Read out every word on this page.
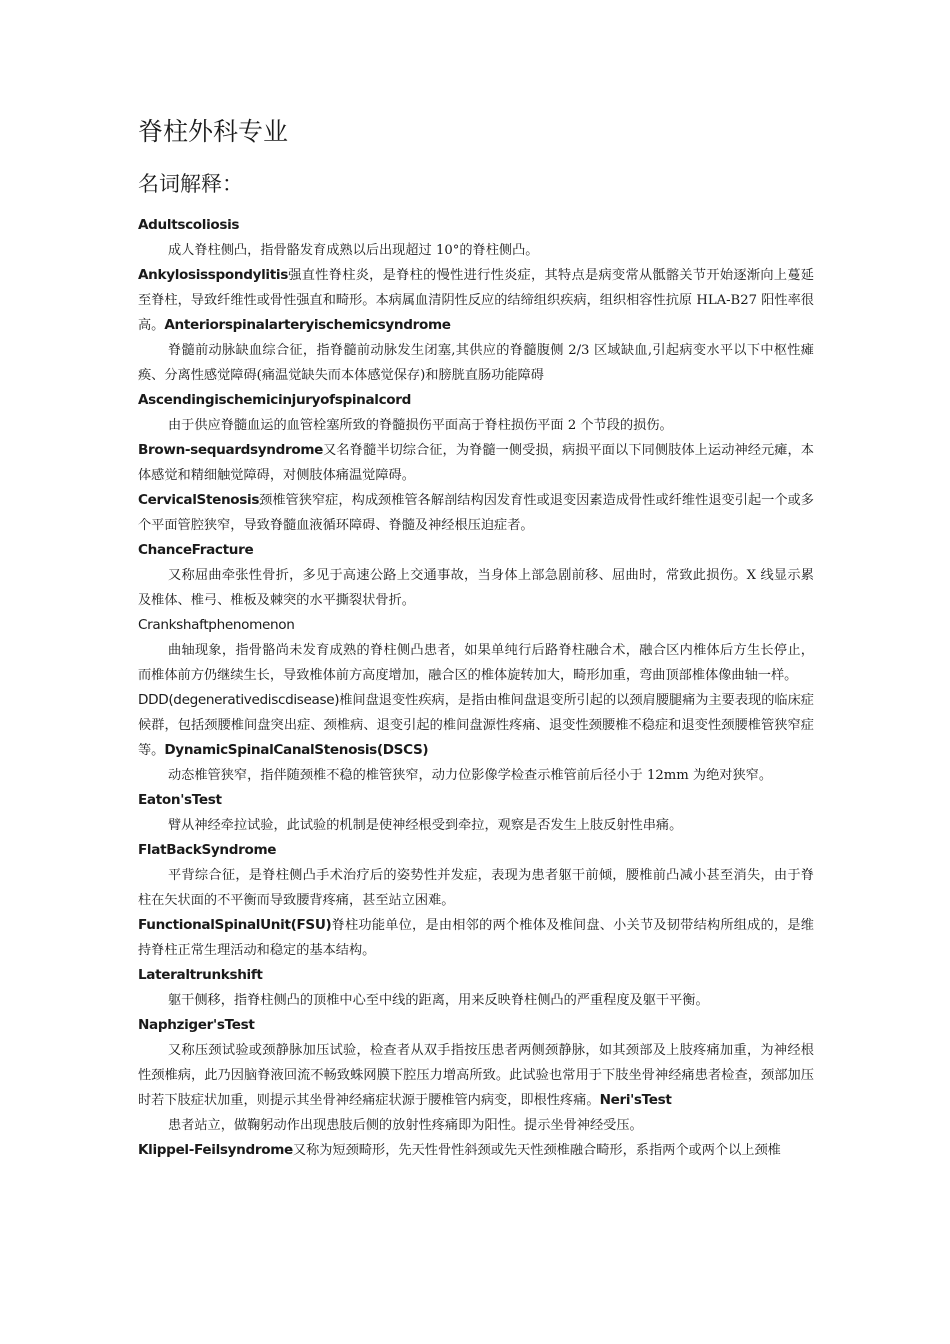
脊柱外科专业
名词解释：

Adultscoliosis

成人脊柱侧凸，指骨骼发育成熟以后出现超过 10°的脊柱侧凸。

Ankylosisspondylitis强直性脊柱炎，是脊柱的慢性进行性炎症，其特点是病变常从骶髂关节开始逐渐向上蔓延至脊柱，导致纤维性或骨性强直和畸形。本病属血清阴性反应的结缔组织疾病，组织相容性抗原 HLA-B27 阳性率很高。Anteriorspinalarteryischemicsyndrome

脊髓前动脉缺血综合征，指脊髓前动脉发生闭塞,其供应的脊髓腹侧 2/3 区域缺血,引起病变水平以下中枢性瘫痪、分离性感觉障碍(痛温觉缺失而本体感觉保存)和膀胱直肠功能障碍

Ascendingischemicinjuryofspinalcord

由于供应脊髓血运的血管栓塞所致的脊髓损伤平面高于脊柱损伤平面 2 个节段的损伤。

Brown-sequardsyndrome又名脊髓半切综合征，为脊髓一侧受损，病损平面以下同侧肢体上运动神经元瘫，本体感觉和精细触觉障碍，对侧肢体痛温觉障碍。

CervicalStenosis颈椎管狭窄症，构成颈椎管各解剖结构因发育性或退变因素造成骨性或纤维性退变引起一个或多个平面管腔狭窄，导致脊髓血液循环障碍、脊髓及神经根压迫症者。

ChanceFracture

又称屈曲牵张性骨折，多见于高速公路上交通事故，当身体上部急剧前移、屈曲时，常致此损伤。X 线显示累及椎体、椎弓、椎板及棘突的水平撕裂状骨折。

Crankshaftphenomenon

曲轴现象，指骨骼尚未发育成熟的脊柱侧凸患者，如果单纯行后路脊柱融合术，融合区内椎体后方生长停止，而椎体前方仍继续生长，导致椎体前方高度增加，融合区的椎体旋转加大，畸形加重，弯曲顶部椎体像曲轴一样。

DDD(degenerativediscdisease)椎间盘退变性疾病，是指由椎间盘退变所引起的以颈肩腰腿痛为主要表现的临床症候群，包括颈腰椎间盘突出症、颈椎病、退变引起的椎间盘源性疼痛、退变性颈腰椎不稳症和退变性颈腰椎管狭窄症等。DynamicSpinalCanalStenosis(DSCS)

动态椎管狭窄，指伴随颈椎不稳的椎管狭窄，动力位影像学检查示椎管前后径小于 12mm 为绝对狭窄。

Eaton'sTest

臂从神经牵拉试验，此试验的机制是使神经根受到牵拉，观察是否发生上肢反射性串痛。

FlatBackSyndrome

平背综合征，是脊柱侧凸手术治疗后的姿势性并发症，表现为患者躯干前倾，腰椎前凸减小甚至消失，由于脊柱在矢状面的不平衡而导致腰背疼痛，甚至站立困难。

FunctionalSpinalUnit(FSU)脊柱功能单位，是由相邻的两个椎体及椎间盘、小关节及韧带结构所组成的，是维持脊柱正常生理活动和稳定的基本结构。

Lateraltrunkshift

躯干侧移，指脊柱侧凸的顶椎中心至中线的距离，用来反映脊柱侧凸的严重程度及躯干平衡。

Naphziger'sTest

又称压颈试验或颈静脉加压试验，检查者从双手指按压患者两侧颈静脉，如其颈部及上肢疼痛加重，为神经根性颈椎病，此乃因脑脊液回流不畅致蛛网膜下腔压力增高所致。此试验也常用于下肢坐骨神经痛患者检查，颈部加压时若下肢症状加重，则提示其坐骨神经痛症状源于腰椎管内病变，即根性疼痛。Neri'sTest

患者站立，做鞠躬动作出现患肢后侧的放射性疼痛即为阳性。提示坐骨神经受压。

Klippel-Feilsyndrome又称为短颈畸形，先天性骨性斜颈或先天性颈椎融合畸形，系指两个或两个以上颈椎
